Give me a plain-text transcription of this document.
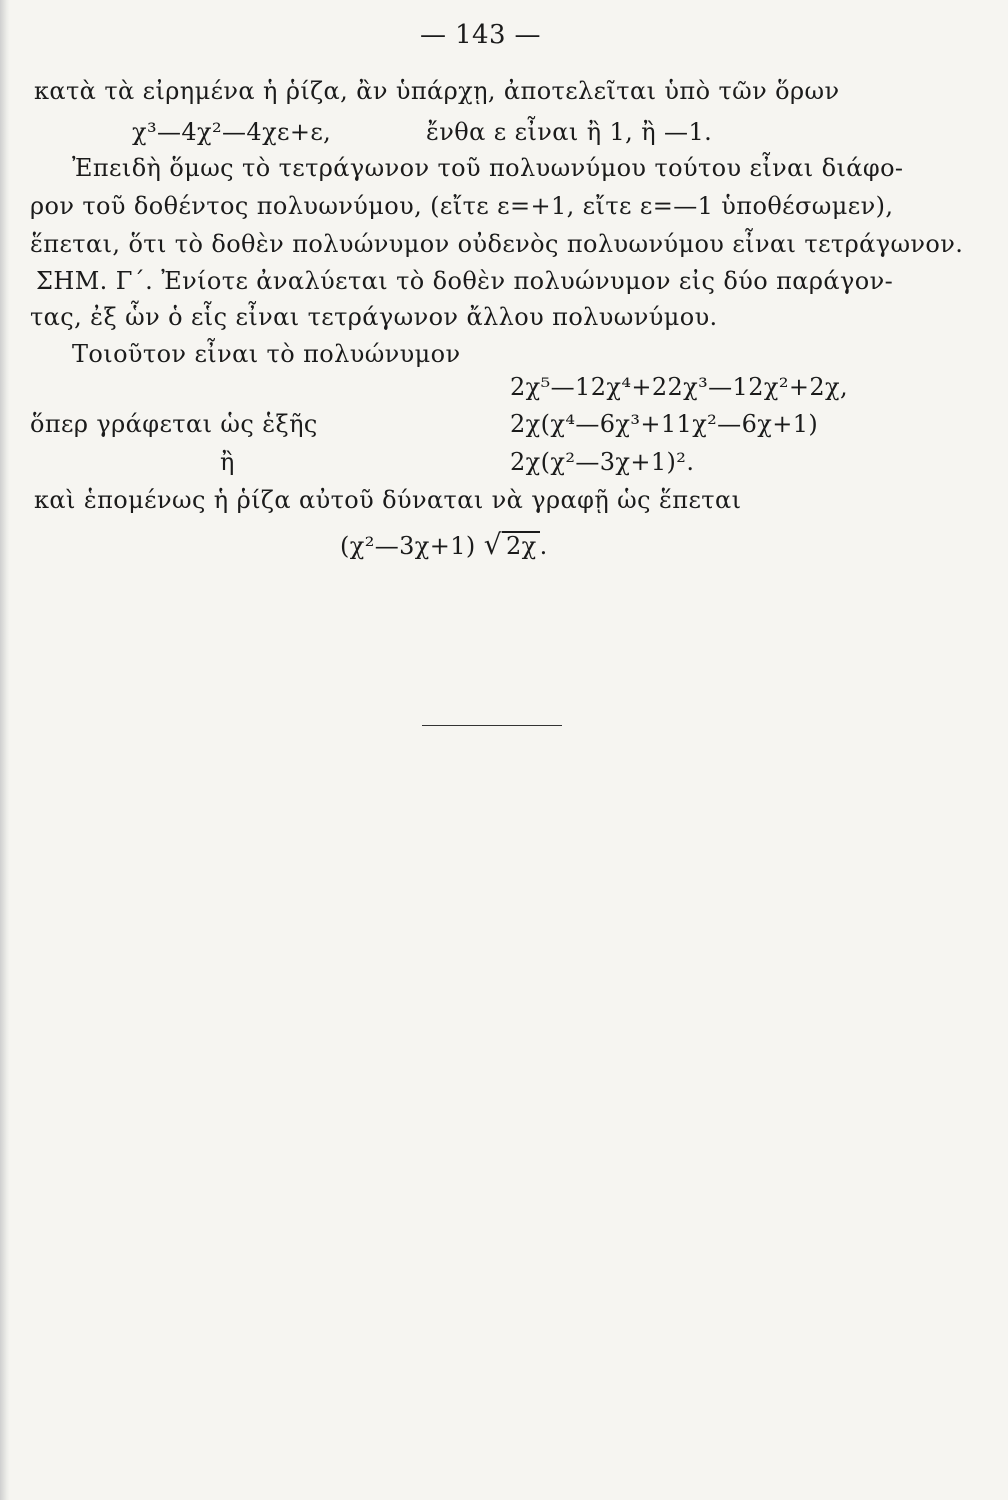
— 143 —
κατὰ τὰ εἰρημένα ἡ ῥίζα, ἂν ὑπάρχῃ, ἀποτελεῖται ὑπὸ τῶν ὅρων
χ³—4χ²—4χε+ε,	ἔνθα ε εἶναι ἢ 1, ἢ —1.
Ἐπειδὴ ὅμως τὸ τετράγωνον τοῦ πολυωνύμου τούτου εἶναι διάφο-
ρον τοῦ δοθέντος πολυωνύμου, (εἴτε ε=+1, εἴτε ε=—1 ὑποθέσωμεν),
ἕπεται, ὅτι τὸ δοθὲν πολυώνυμον οὐδενὸς πολυωνύμου εἶναι τετράγωνον.
ΣΗΜ. Γ΄. Ἐνίοτε ἀναλύεται τὸ δοθὲν πολυώνυμον εἰς δύο παράγον-
τας, ἐξ ὧν ὁ εἷς εἶναι τετράγωνον ἄλλου πολυωνύμου.
Τοιοῦτον εἶναι τὸ πολυώνυμον
2χ⁵—12χ⁴+22χ³—12χ²+2χ,
ὅπερ γράφεται ὡς ἑξῆς	2χ(χ⁴—6χ³+11χ²—6χ+1)
ἢ	2χ(χ²—3χ+1)².
καὶ ἑπομένως ἡ ῥίζα αὐτοῦ δύναται νὰ γραφῇ ὡς ἕπεται
(χ²—3χ+1) √ 2χ .
